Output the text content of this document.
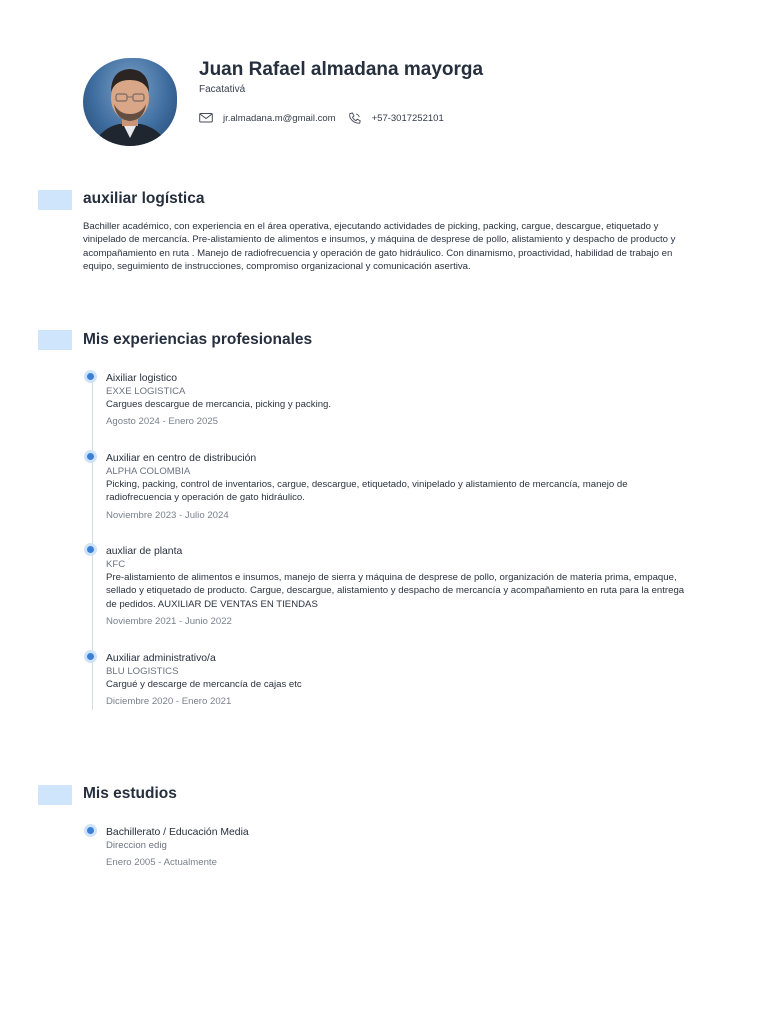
Juan Rafael almadana mayorga
Facatativá
jr.almadana.m@gmail.com	+57-3017252101
auxiliar logística
Bachiller académico, con experiencia en el área operativa, ejecutando actividades de picking, packing, cargue, descargue, etiquetado y vinipelado de mercancía. Pre-alistamiento de alimentos e insumos, y máquina de desprese de pollo, alistamiento y despacho de producto y acompañamiento en ruta . Manejo de radiofrecuencia y operación de gato hidráulico. Con dinamismo, proactividad, habilidad de trabajo en equipo, seguimiento de instrucciones, compromiso organizacional y comunicación asertiva.
Mis experiencias profesionales
Aixiliar logistico
EXXE LOGISTICA
Cargues descargue de mercancia, picking y packing.
Agosto 2024 - Enero 2025
Auxiliar en centro de distribución
ALPHA COLOMBIA
Picking, packing, control de inventarios, cargue, descargue, etiquetado, vinipelado y alistamiento de mercancía, manejo de radiofrecuencia y operación de gato hidráulico.
Noviembre 2023 - Julio 2024
auxliar de planta
KFC
Pre-alistamiento de alimentos e insumos, manejo de sierra y máquina de desprese de pollo, organización de materia prima, empaque, sellado y etiquetado de producto. Cargue, descargue, alistamiento y despacho de mercancía y acompañamiento en ruta para la entrega de pedidos. AUXILIAR DE VENTAS EN TIENDAS
Noviembre 2021 - Junio 2022
Auxiliar administrativo/a
BLU LOGISTICS
Cargué y descarge de mercancía de cajas etc
Diciembre 2020 - Enero 2021
Mis estudios
Bachillerato / Educación Media
Direccion edig
Enero 2005 - Actualmente
